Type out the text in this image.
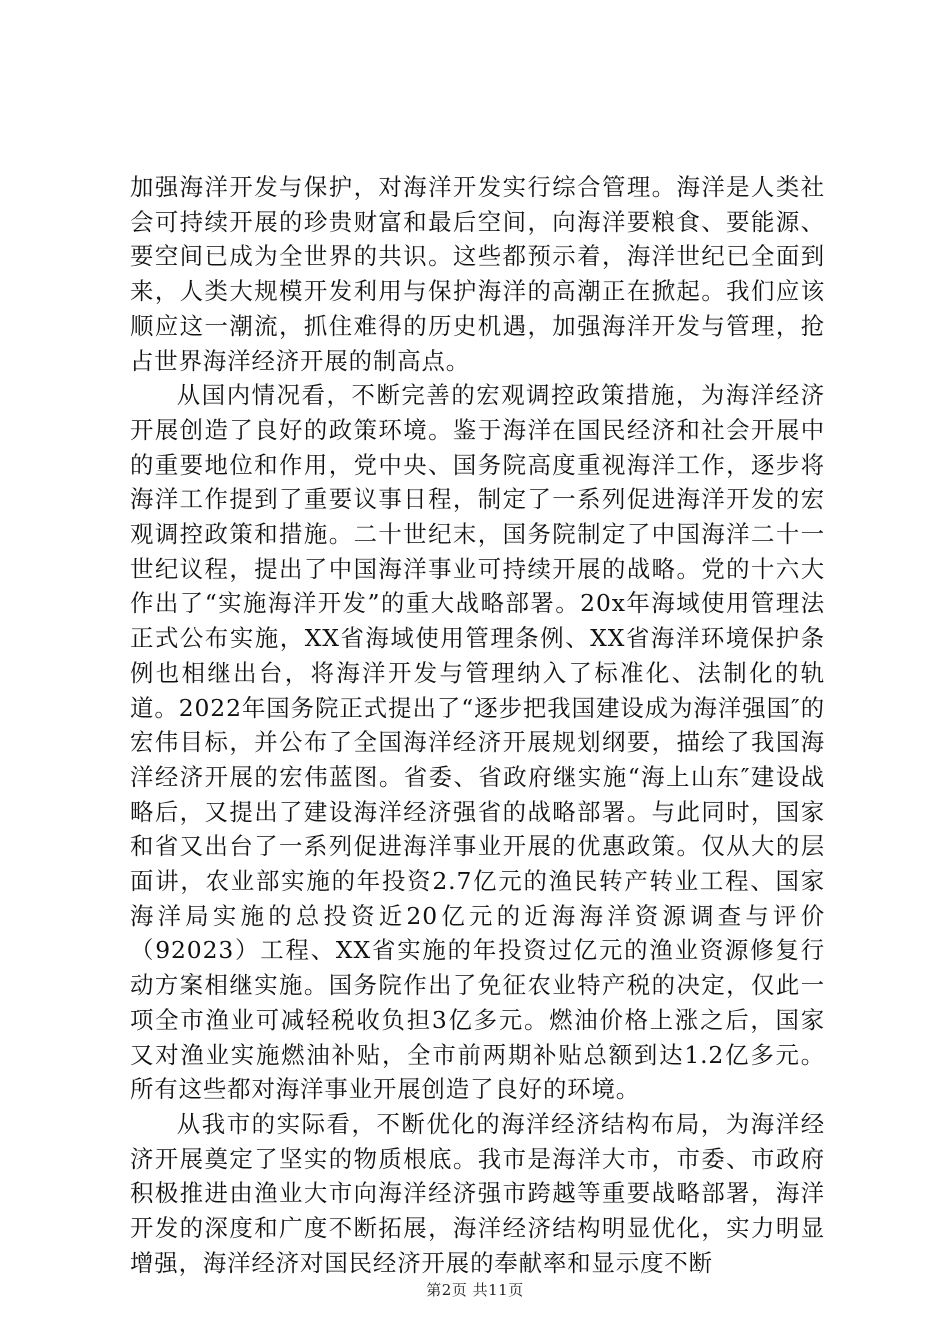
加强海洋开发与保护，对海洋开发实行综合管理。海洋是人类社会可持续开展的珍贵财富和最后空间，向海洋要粮食、要能源、要空间已成为全世界的共识。这些都预示着，海洋世纪已全面到来，人类大规模开发利用与保护海洋的高潮正在掀起。我们应该顺应这一潮流，抓住难得的历史机遇，加强海洋开发与管理，抢占世界海洋经济开展的制高点。

从国内情况看，不断完善的宏观调控政策措施，为海洋经济开展创造了良好的政策环境。鉴于海洋在国民经济和社会开展中的重要地位和作用，党中央、国务院高度重视海洋工作，逐步将海洋工作提到了重要议事日程，制定了一系列促进海洋开发的宏观调控政策和措施。二十世纪末，国务院制定了中国海洋二十一世纪议程，提出了中国海洋事业可持续开展的战略。党的十六大作出了“实施海洋开发”的重大战略部署。20x年海域使用管理法正式公布实施，XX省海域使用管理条例、XX省海洋环境保护条例也相继出台，将海洋开发与管理纳入了标准化、法制化的轨道。2022年国务院正式提出了“逐步把我国建设成为海洋强国″的宏伟目标，并公布了全国海洋经济开展规划纲要，描绘了我国海洋经济开展的宏伟蓝图。省委、省政府继实施“海上山东″建设战略后，又提出了建设海洋经济强省的战略部署。与此同时，国家和省又出台了一系列促进海洋事业开展的优惠政策。仅从大的层面讲，农业部实施的年投资2.7亿元的渔民转产转业工程、国家海洋局实施的总投资近20亿元的近海海洋资源调查与评价（92023）工程、XX省实施的年投资过亿元的渔业资源修复行动方案相继实施。国务院作出了免征农业特产税的决定，仅此一项全市渔业可减轻税收负担3亿多元。燃油价格上涨之后，国家又对渔业实施燃油补贴，全市前两期补贴总额到达1.2亿多元。所有这些都对海洋事业开展创造了良好的环境。

从我市的实际看，不断优化的海洋经济结构布局，为海洋经济开展奠定了坚实的物质根底。我市是海洋大市，市委、市政府积极推进由渔业大市向海洋经济强市跨越等重要战略部署，海洋开发的深度和广度不断拓展，海洋经济结构明显优化，实力明显增强，海洋经济对国民经济开展的奉献率和显示度不断

第2页 共11页
